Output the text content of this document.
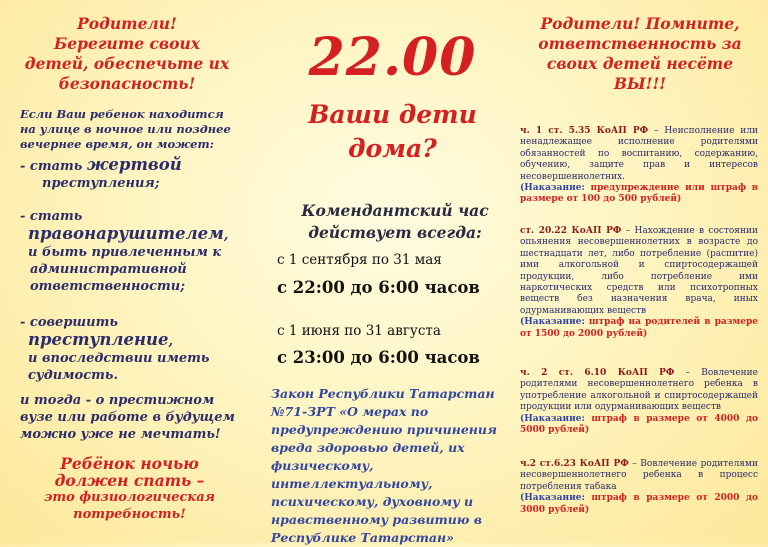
Родители!
Берегите своих
детей, обеспечьте их
безопасность!
Если Ваш ребенок находится
на улице в ночное или позднее
вечернее время, он может:
- стать жертвой
преступления;
- стать
правонарушителем,
и быть привлеченным к
административной
ответственности;
- совершить
преступление,
и впоследствии иметь
судимость.
и тогда - о престижном
вузе или работе в будущем
можно уже не мечтать!
Ребёнок ночью
должен спать –
это физиологическая
потребность!
22.00
Ваши дети
дома?
Комендантский час
действует всегда:
с 1 сентября по 31 мая
с 22:00 до 6:00 часов
с 1 июня по 31 августа
с 23:00 до 6:00 часов
Закон Республики Татарстан
№71-ЗРТ «О мерах по
предупреждению причинения
вреда здоровью детей, их
физическому, интеллектуальному,
психическому, духовному и
нравственному развитию в
Республике Татарстан»
Родители! Помните,
ответственность за
своих детей несёте
ВЫ!!!
ч. 1 ст. 5.35 КоАП РФ – Неисполнение или ненадлежащее исполнение родителями обязанностей по воспитанию, содержанию, обучению, защите прав и интересов несовершеннолетних.
(Наказание: предупреждение или штраф в размере от 100 до 500 рублей)
ст. 20.22 КоАП РФ – Нахождение в состоянии опьянения несовершеннолетних в возрасте до шестнадцати лет, либо потребление (распитие) ими алкогольной и спиртосодержащей продукции, либо потребление ими наркотических средств или психотропных веществ без назначения врача, иных одурманивающих веществ
(Наказание: штраф на родителей в размере от 1500 до 2000 рублей)
ч. 2 ст. 6.10 КоАП РФ – Вовлечение родителями несовершеннолетнего ребенка в употребление алкогольной и спиртосодержащей продукции или одурманивающих веществ
(Наказание: штраф в размере от 4000 до 5000 рублей)
ч.2 ст.6.23 КоАП РФ – Вовлечение родителями несовершеннолетнего ребенка в процесс потребления табака
(Наказание: штраф в размере от 2000 до 3000 рублей)
